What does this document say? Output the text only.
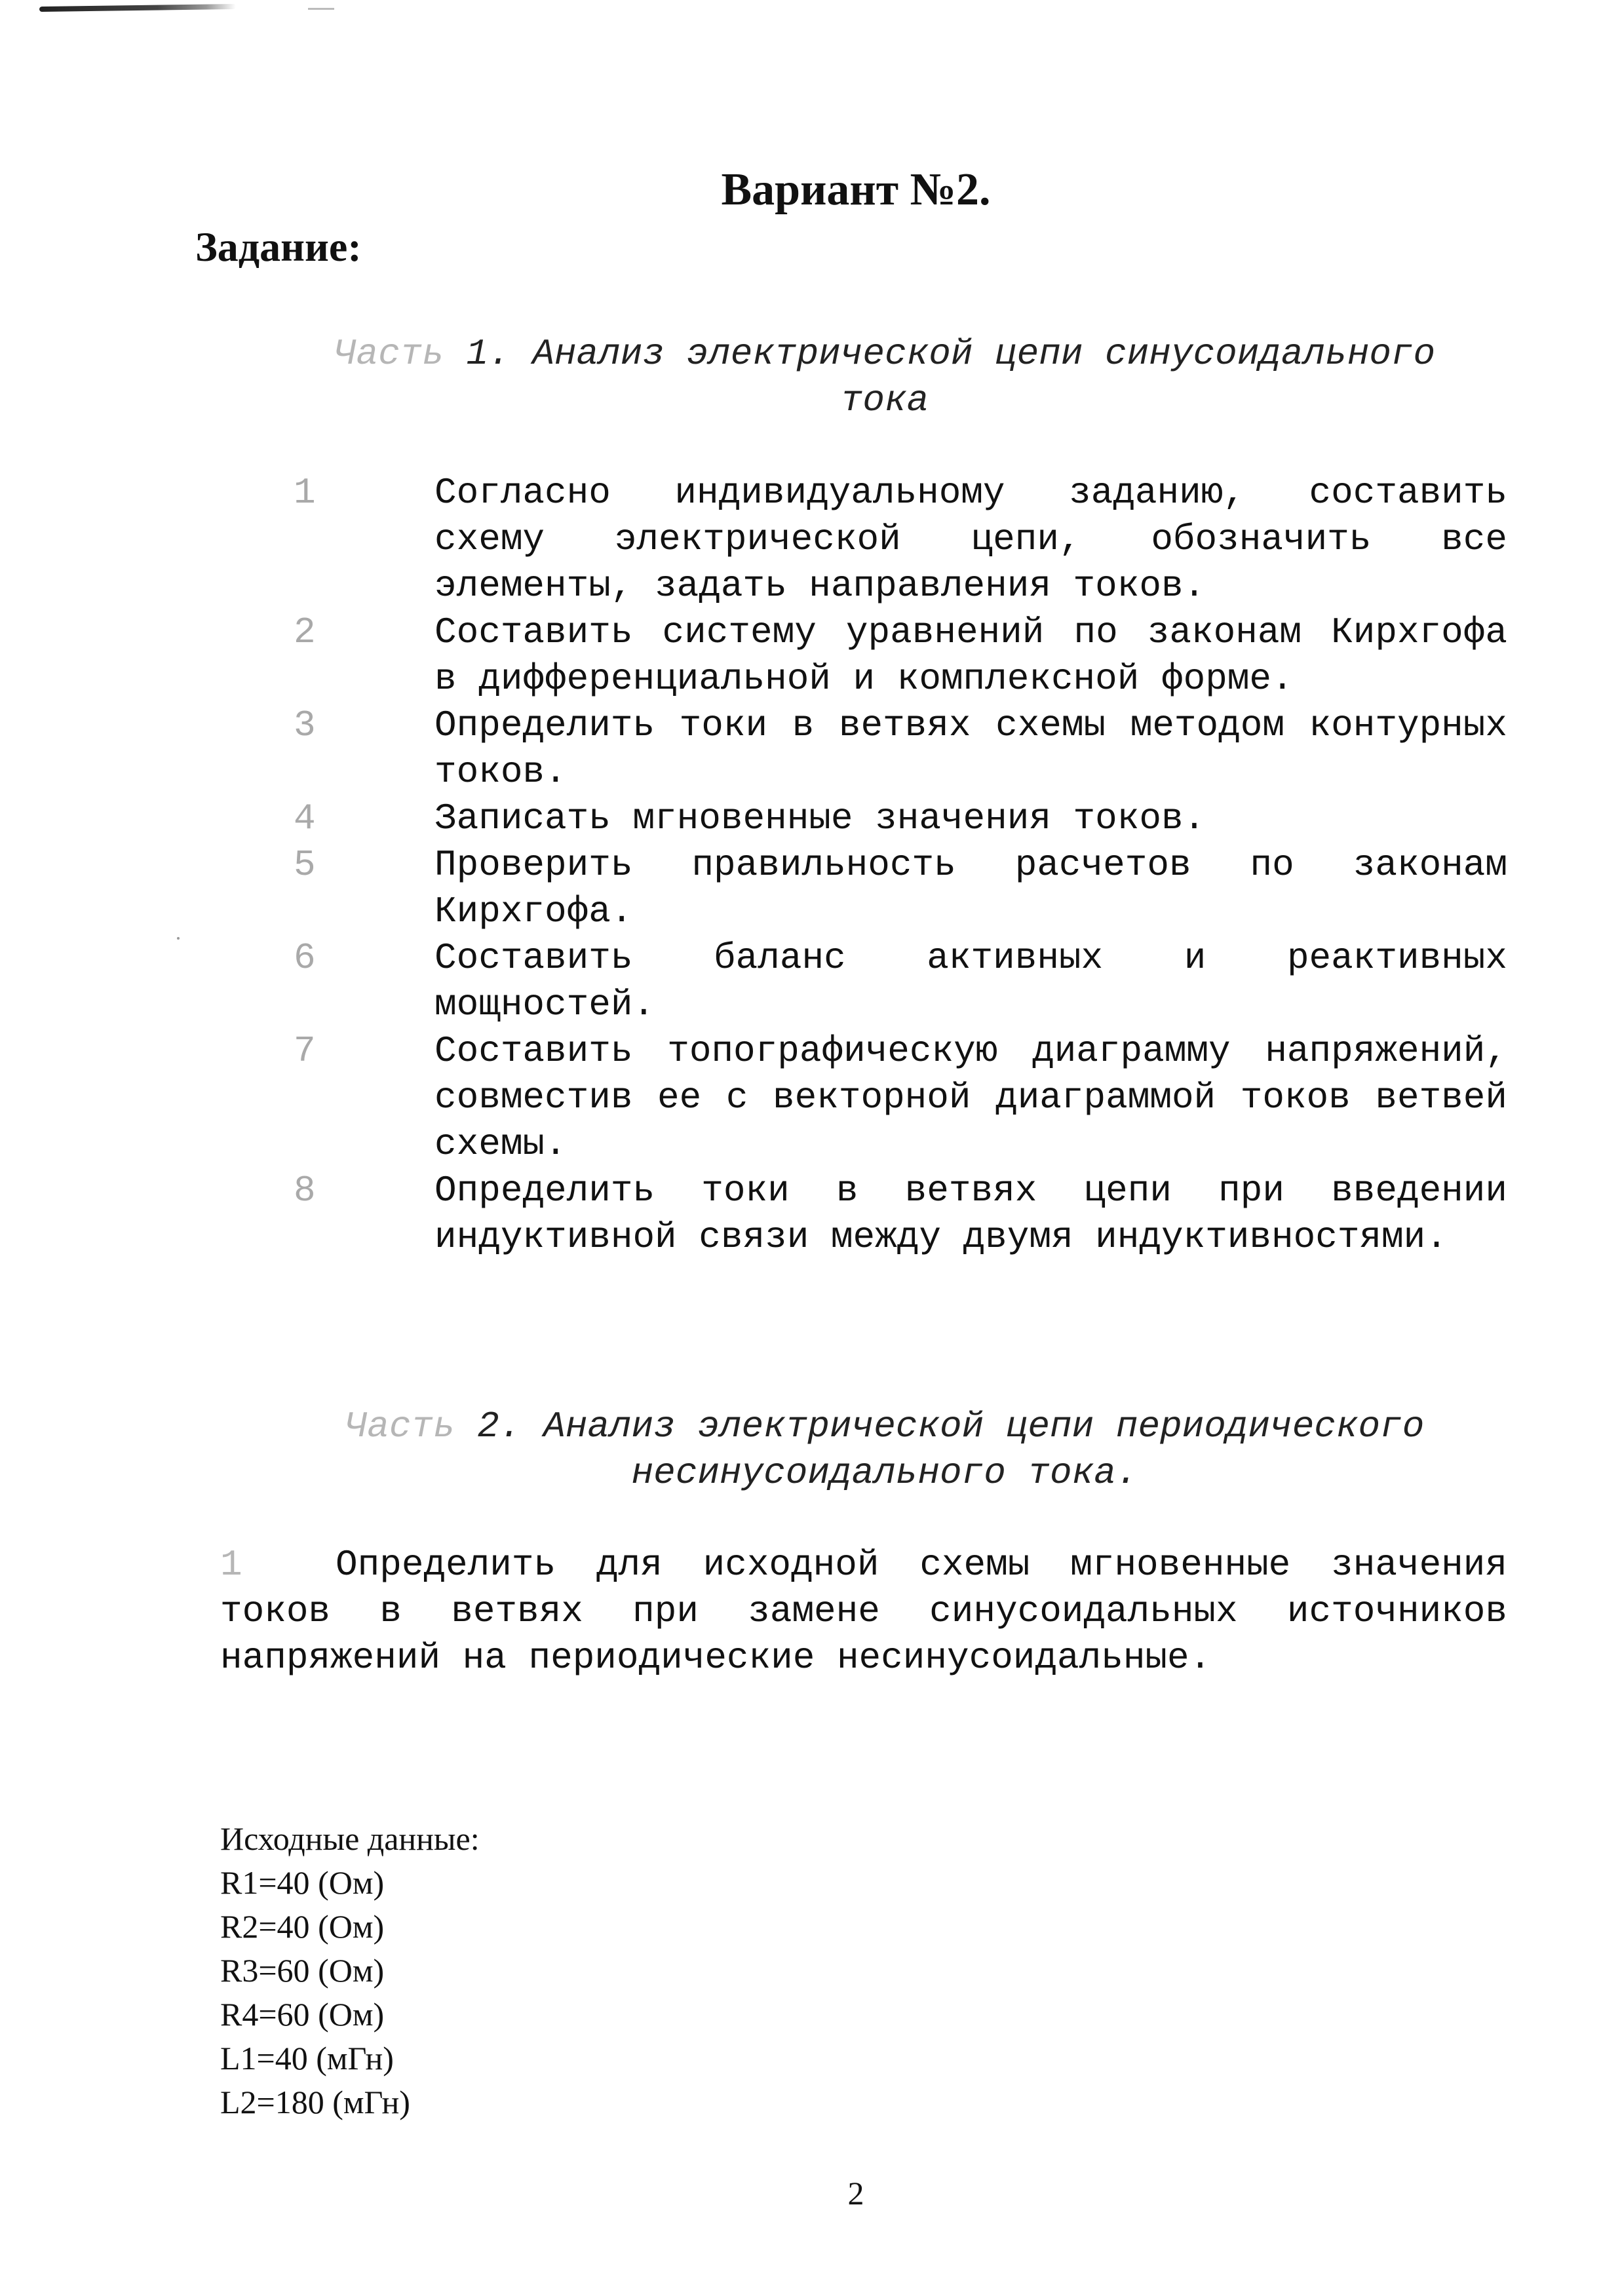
Вариант №2.
Задание:
Часть 1. Анализ электрической цепи синусоидального
тока
1	Согласно индивидуальному заданию, составить схему электрической цепи, обозначить все элементы, задать направления токов.
2	Составить систему уравнений по законам Кирхгофа в дифференциальной и комплексной форме.
3	Определить токи в ветвях схемы методом контурных токов.
4	Записать мгновенные значения токов.
5	Проверить правильность расчетов по законам Кирхгофа.
6	Составить баланс активных и реактивных мощностей.
7	Составить топографическую диаграмму напряжений, совместив ее с векторной диаграммой токов ветвей схемы.
8	Определить токи в ветвях цепи при введении индуктивной связи между двумя индуктивностями.
Часть 2. Анализ электрической цепи периодического
несинусоидального тока.
1	Определить для исходной схемы мгновенные значения токов в ветвях при замене синусоидальных источников напряжений на периодические несинусоидальные.
Исходные данные:
R1=40 (Ом)
R2=40 (Ом)
R3=60 (Ом)
R4=60 (Ом)
L1=40 (мГн)
L2=180 (мГн)
2
